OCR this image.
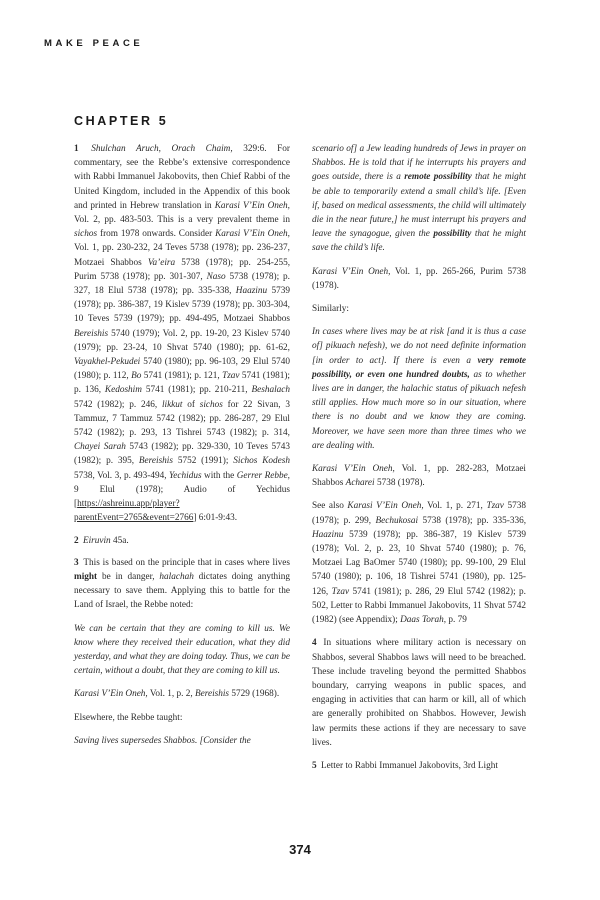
MAKE PEACE
CHAPTER 5

1 Shulchan Aruch, Orach Chaim, 329:6. For commentary, see the Rebbe’s extensive correspondence with Rabbi Immanuel Jakobovits, then Chief Rabbi of the United Kingdom, included in the Appendix of this book and printed in Hebrew translation in Karasi V’Ein Oneh, Vol. 2, pp. 483-503. This is a very prevalent theme in sichos from 1978 onwards. Consider Karasi V’Ein Oneh, Vol. 1, pp. 230-232, 24 Teves 5738 (1978); pp. 236-237, Motzaei Shabbos Va’eira 5738 (1978); pp. 254-255, Purim 5738 (1978); pp. 301-307, Naso 5738 (1978); p. 327, 18 Elul 5738 (1978); pp. 335-338, Haazinu 5739 (1978); pp. 386-387, 19 Kislev 5739 (1978); pp. 303-304, 10 Teves 5739 (1979); pp. 494-495, Motzaei Shabbos Bereishis 5740 (1979); Vol. 2, pp. 19-20, 23 Kislev 5740 (1979); pp. 23-24, 10 Shvat 5740 (1980); pp. 61-62, Vayakhel-Pekudei 5740 (1980); pp. 96-103, 29 Elul 5740 (1980); p. 112, Bo 5741 (1981); p. 121, Tzav 5741 (1981); p. 136, Kedoshim 5741 (1981); pp. 210-211, Beshalach 5742 (1982); p. 246, likkut of sichos for 22 Sivan, 3 Tammuz, 7 Tammuz 5742 (1982); pp. 286-287, 29 Elul 5742 (1982); p. 293, 13 Tishrei 5743 (1982); p. 314, Chayei Sarah 5743 (1982); pp. 329-330, 10 Teves 5743 (1982); p. 395, Bereishis 5752 (1991); Sichos Kodesh 5738, Vol. 3, p. 493-494, Yechidus with the Gerrer Rebbe, 9 Elul (1978); Audio of Yechidus [https://ashreinu.app/player?parentEvent=2765&event=2766] 6:01-9:43.

2 Eiruvin 45a.

3 This is based on the principle that in cases where lives might be in danger, halachah dictates doing anything necessary to save them. Applying this to battle for the Land of Israel, the Rebbe noted:

We can be certain that they are coming to kill us. We know where they received their education, what they did yesterday, and what they are doing today. Thus, we can be certain, without a doubt, that they are coming to kill us.

Karasi V’Ein Oneh, Vol. 1, p. 2, Bereishis 5729 (1968).

Elsewhere, the Rebbe taught:

Saving lives supersedes Shabbos. [Consider the

scenario of] a Jew leading hundreds of Jews in prayer on Shabbos. He is told that if he interrupts his prayers and goes outside, there is a remote possibility that he might be able to temporarily extend a small child’s life. [Even if, based on medical assessments, the child will ultimately die in the near future,] he must interrupt his prayers and leave the synagogue, given the possibility that he might save the child’s life.

Karasi V’Ein Oneh, Vol. 1, pp. 265-266, Purim 5738 (1978).

Similarly:

In cases where lives may be at risk [and it is thus a case of] pikuach nefesh), we do not need definite information [in order to act]. If there is even a very remote possibility, or even one hundred doubts, as to whether lives are in danger, the halachic status of pikuach nefesh still applies. How much more so in our situation, where there is no doubt and we know they are coming. Moreover, we have seen more than three times who we are dealing with.

Karasi V’Ein Oneh, Vol. 1, pp. 282-283, Motzaei Shabbos Acharei 5738 (1978).

See also Karasi V’Ein Oneh, Vol. 1, p. 271, Tzav 5738 (1978); p. 299, Bechukosai 5738 (1978); pp. 335-336, Haazinu 5739 (1978); pp. 386-387, 19 Kislev 5739 (1978); Vol. 2, p. 23, 10 Shvat 5740 (1980); p. 76, Motzaei Lag BaOmer 5740 (1980); pp. 99-100, 29 Elul 5740 (1980); p. 106, 18 Tishrei 5741 (1980), pp. 125-126, Tzav 5741 (1981); p. 286, 29 Elul 5742 (1982); p. 502, Letter to Rabbi Immanuel Jakobovits, 11 Shvat 5742 (1982) (see Appendix); Daas Torah, p. 79

4 In situations where military action is necessary on Shabbos, several Shabbos laws will need to be breached. These include traveling beyond the permitted Shabbos boundary, carrying weapons in public spaces, and engaging in activities that can harm or kill, all of which are generally prohibited on Shabbos. However, Jewish law permits these actions if they are necessary to save lives.

5 Letter to Rabbi Immanuel Jakobovits, 3rd Light

374
